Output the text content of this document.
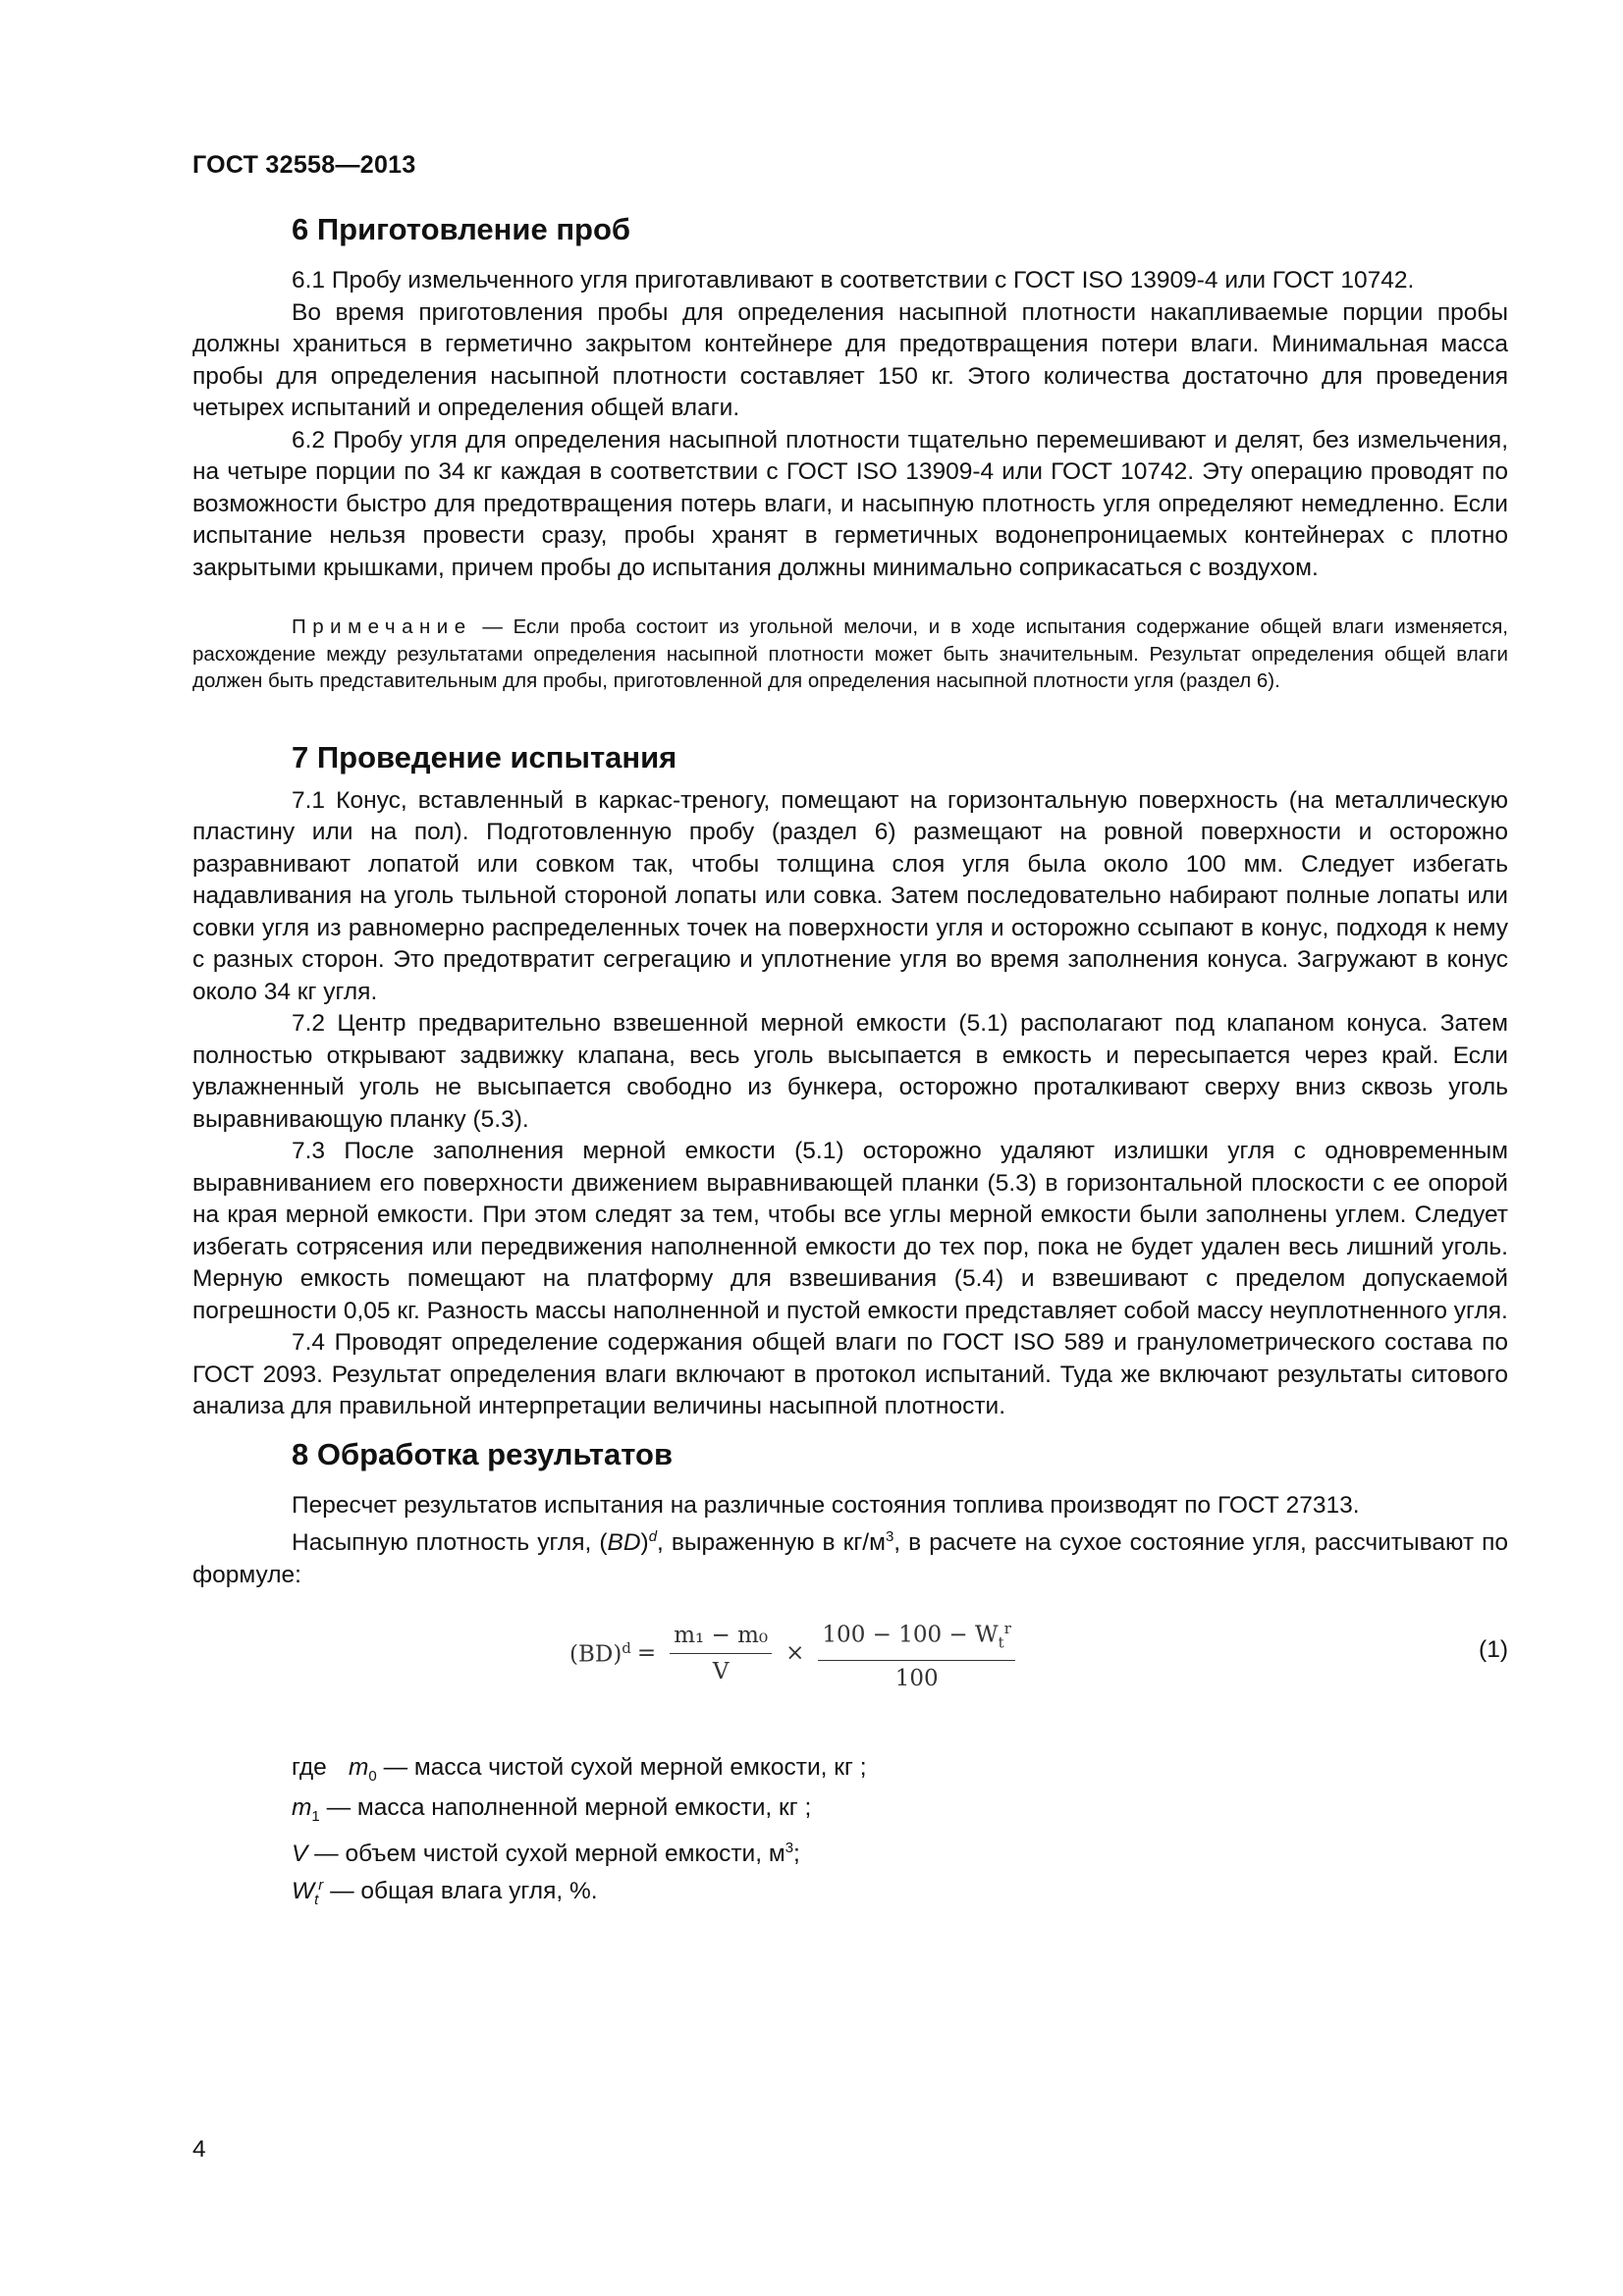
ГОСТ 32558—2013
6 Приготовление проб

6.1 Пробу измельченного угля приготавливают в соответствии с ГОСТ ISO 13909-4 или ГОСТ 10742.

Во время приготовления пробы для определения насыпной плотности накапливаемые порции пробы должны храниться в герметично закрытом контейнере для предотвращения потери влаги. Минимальная масса пробы для определения насыпной плотности составляет 150 кг. Этого количества достаточно для проведения четырех испытаний и определения общей влаги.

6.2 Пробу угля для определения насыпной плотности тщательно перемешивают и делят, без измельчения, на четыре порции по 34 кг каждая в соответствии с ГОСТ ISO 13909-4 или ГОСТ 10742. Эту операцию проводят по возможности быстро для предотвращения потерь влаги, и насыпную плотность угля определяют немедленно. Если испытание нельзя провести сразу, пробы хранят в герметичных водонепроницаемых контейнерах с плотно закрытыми крышками, причем пробы до испытания должны минимально соприкасаться с воздухом.

Примечание — Если проба состоит из угольной мелочи, и в ходе испытания содержание общей влаги изменяется, расхождение между результатами определения насыпной плотности может быть значительным. Результат определения общей влаги должен быть представительным для пробы, приготовленной для определения насыпной плотности угля (раздел 6).

7 Проведение испытания

7.1 Конус, вставленный в каркас-треногу, помещают на горизонтальную поверхность (на металлическую пластину или на пол). Подготовленную пробу (раздел 6) размещают на ровной поверхности и осторожно разравнивают лопатой или совком так, чтобы толщина слоя угля была около 100 мм. Следует избегать надавливания на уголь тыльной стороной лопаты или совка. Затем последовательно набирают полные лопаты или совки угля из равномерно распределенных точек на поверхности угля и осторожно ссыпают в конус, подходя к нему с разных сторон. Это предотвратит сегрегацию и уплотнение угля во время заполнения конуса. Загружают в конус около 34 кг угля.

7.2 Центр предварительно взвешенной мерной емкости (5.1) располагают под клапаном конуса. Затем полностью открывают задвижку клапана, весь уголь высыпается в емкость и пересыпается через край. Если увлажненный уголь не высыпается свободно из бункера, осторожно проталкивают сверху вниз сквозь уголь выравнивающую планку (5.3).

7.3 После заполнения мерной емкости (5.1) осторожно удаляют излишки угля с одновременным выравниванием его поверхности движением выравнивающей планки (5.3) в горизонтальной плоскости с ее опорой на края мерной емкости. При этом следят за тем, чтобы все углы мерной емкости были заполнены углем. Следует избегать сотрясения или передвижения наполненной емкости до тех пор, пока не будет удален весь лишний уголь. Мерную емкость помещают на платформу для взвешивания (5.4) и взвешивают с пределом допускаемой погрешности 0,05 кг. Разность массы наполненной и пустой емкости представляет собой массу неуплотненного угля.

7.4 Проводят определение содержания общей влаги по ГОСТ ISO 589 и гранулометрического состава по ГОСТ 2093. Результат определения влаги включают в протокол испытаний. Туда же включают результаты ситового анализа для правильной интерпретации величины насыпной плотности.

8 Обработка результатов

Пересчет результатов испытания на различные состояния топлива производят по ГОСТ 27313.

Насыпную плотность угля, (BD)$^d$, выраженную в $кг/м^3$, в расчете на сухое состояние угля, рассчитывают по формуле:

$(BD)^d = \frac{\text{m₁ − m₀}}{V} \times \frac{100 - 100 - W_t^r}{100}$	(1)
где $m_0$ — масса чистой сухой мерной емкости, кг ;
$m_1$ — масса наполненной мерной емкости, кг ;
V — объем чистой сухой мерной емкости, $м^3$;
$W_t^r$ — общая влага угля, %.
4
